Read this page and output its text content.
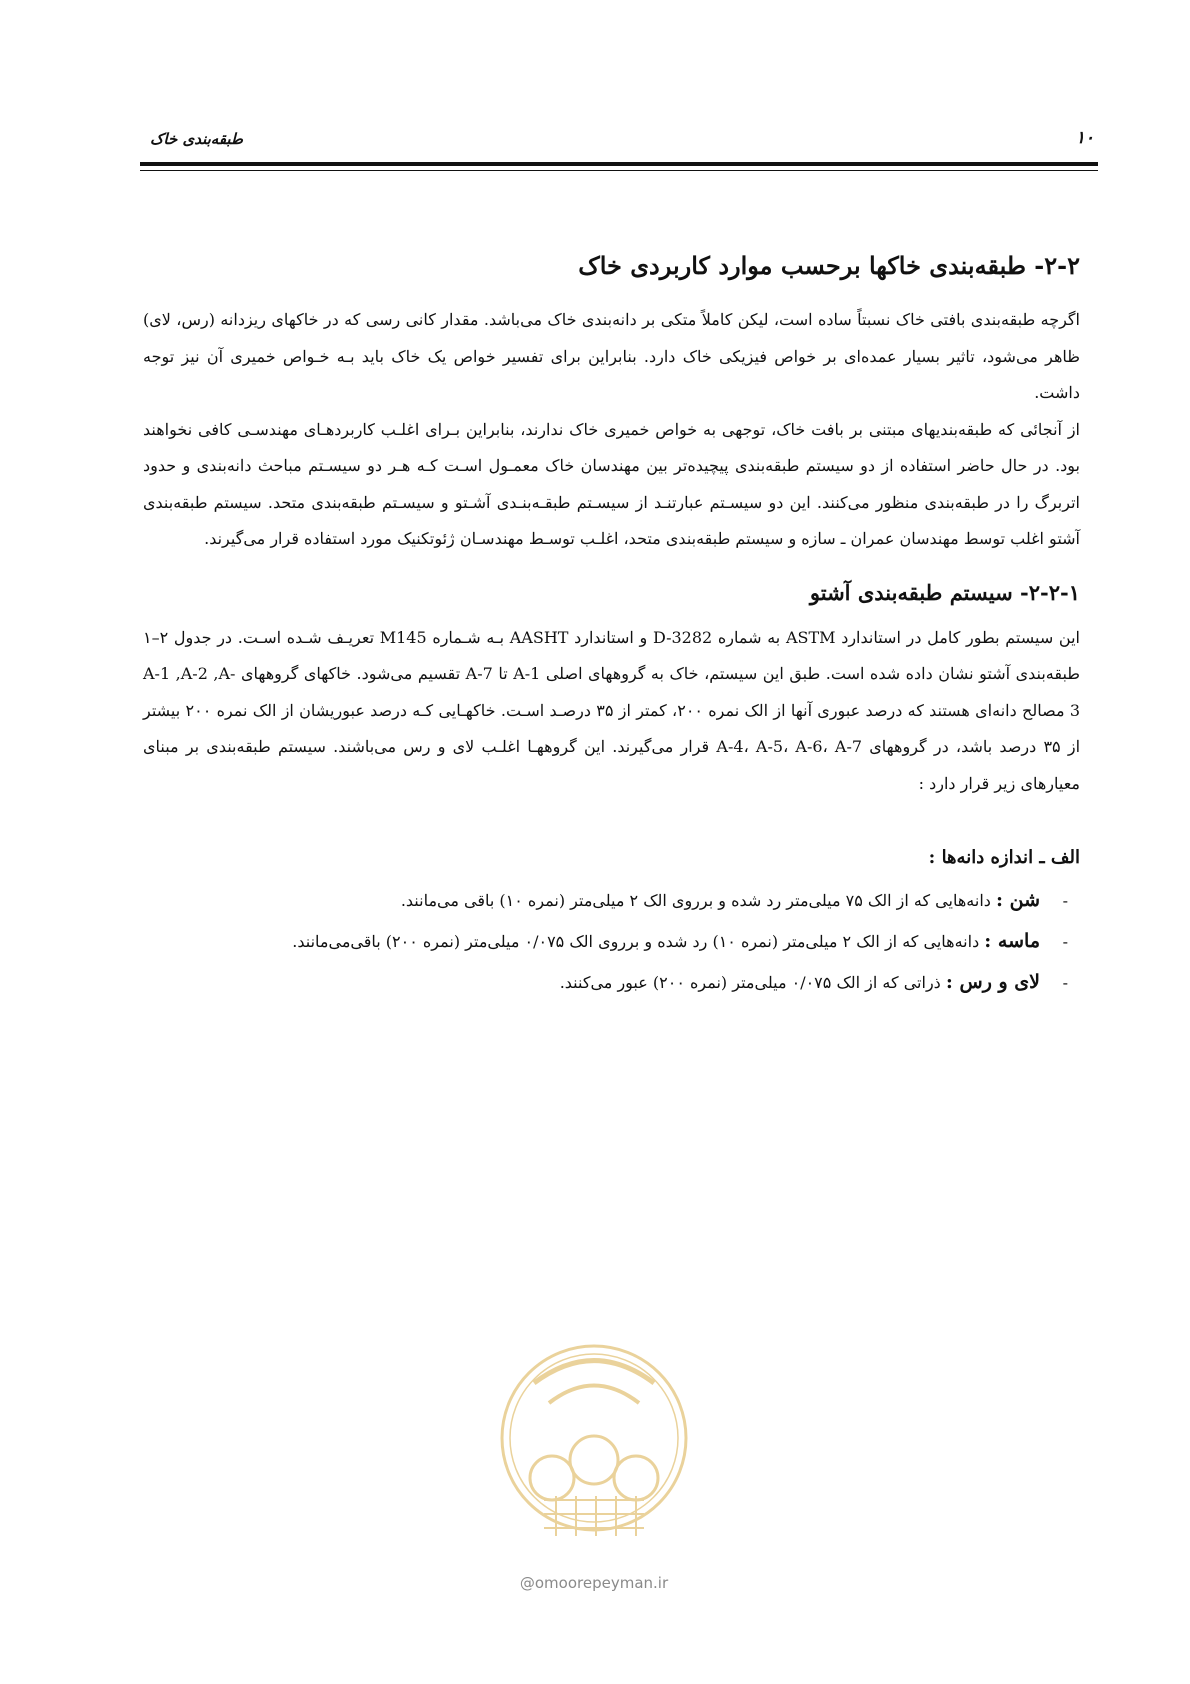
طبقه‌بندی خاک	۱۰
۲-۲- طبقه‌بندی خاکها برحسب موارد کاربردی خاک

اگرچه طبقه‌بندی بافتی خاک نسبتاً ساده است، لیکن کاملاً متکی بر دانه‌بندی خاک می‌باشد. مقدار کانی رسی که در خاکهای ریزدانه (رس، لای) ظاهر می‌شود، تاثیر بسیار عمده‌ای بر خواص فیزیکی خاک دارد. بنابراین برای تفسیر خواص یک خاک باید بـه خـواص خمیری آن نیز توجه داشت.

از آنجائی که طبقه‌بندیهای مبتنی بر بافت خاک، توجهی به خواص خمیری خاک ندارند، بنابراین بـرای اغلـب کاربردهـای مهندسـی کافی نخواهند بود. در حال حاضر استفاده از دو سیستم طبقه‌بندی پیچیده‌تر بین مهندسان خاک معمـول اسـت کـه هـر دو سیسـتم مباحث دانه‌بندی و حدود اتربرگ را در طبقه‌بندی منظور می‌کنند. این دو سیسـتم عبارتنـد از سیسـتم طبقـه‌بنـدی آشـتو و سیسـتم طبقه‌بندی متحد. سیستم طبقه‌بندی آشتو اغلب توسط مهندسان عمران ـ سازه و سیستم طبقه‌بندی متحد، اغلـب توسـط مهندسـان ژئوتکنیک مورد استفاده قرار می‌گیرند.

۲-۲-۱- سیستم طبقه‌بندی آشتو

این سیستم بطور کامل در استاندارد ASTM به شماره D-3282 و استاندارد AASHT بـه شـماره M145 تعریـف شـده اسـت. در جدول ۲–۱ طبقه‌بندی آشتو نشان داده شده است. طبق این سیستم، خاک به گروههای اصلی A-1 تا A-7 تقسیم می‌شود. خاکهای گروههای A-1 ,A-2 ,A-3 مصالح دانه‌ای هستند که درصد عبوری آنها از الک نمره ۲۰۰، کمتر از ۳۵ درصـد اسـت. خاکهـایی کـه درصد عبوریشان از الک نمره ۲۰۰ بیشتر از ۳۵ درصد باشد، در گروههای A-4، A-5، A-6، A-7 قرار می‌گیرند. این گروههـا اغلـب لای و رس می‌باشند. سیستم طبقه‌بندی بر مبنای معیارهای زیر قرار دارد :

الف ـ اندازه دانه‌ها :
-شن : دانه‌هایی که از الک ۷۵ میلی‌متر رد شده و برروی الک ۲ میلی‌متر (نمره ۱۰) باقی می‌مانند.
-ماسه : دانه‌هایی که از الک ۲ میلی‌متر (نمره ۱۰) رد شده و برروی الک ۰/۰۷۵ میلی‌متر (نمره ۲۰۰) باقی‌می‌مانند.
-لای و رس : ذراتی که از الک ۰/۰۷۵ میلی‌متر (نمره ۲۰۰) عبور می‌کنند.
@omoorepeyman.ir
